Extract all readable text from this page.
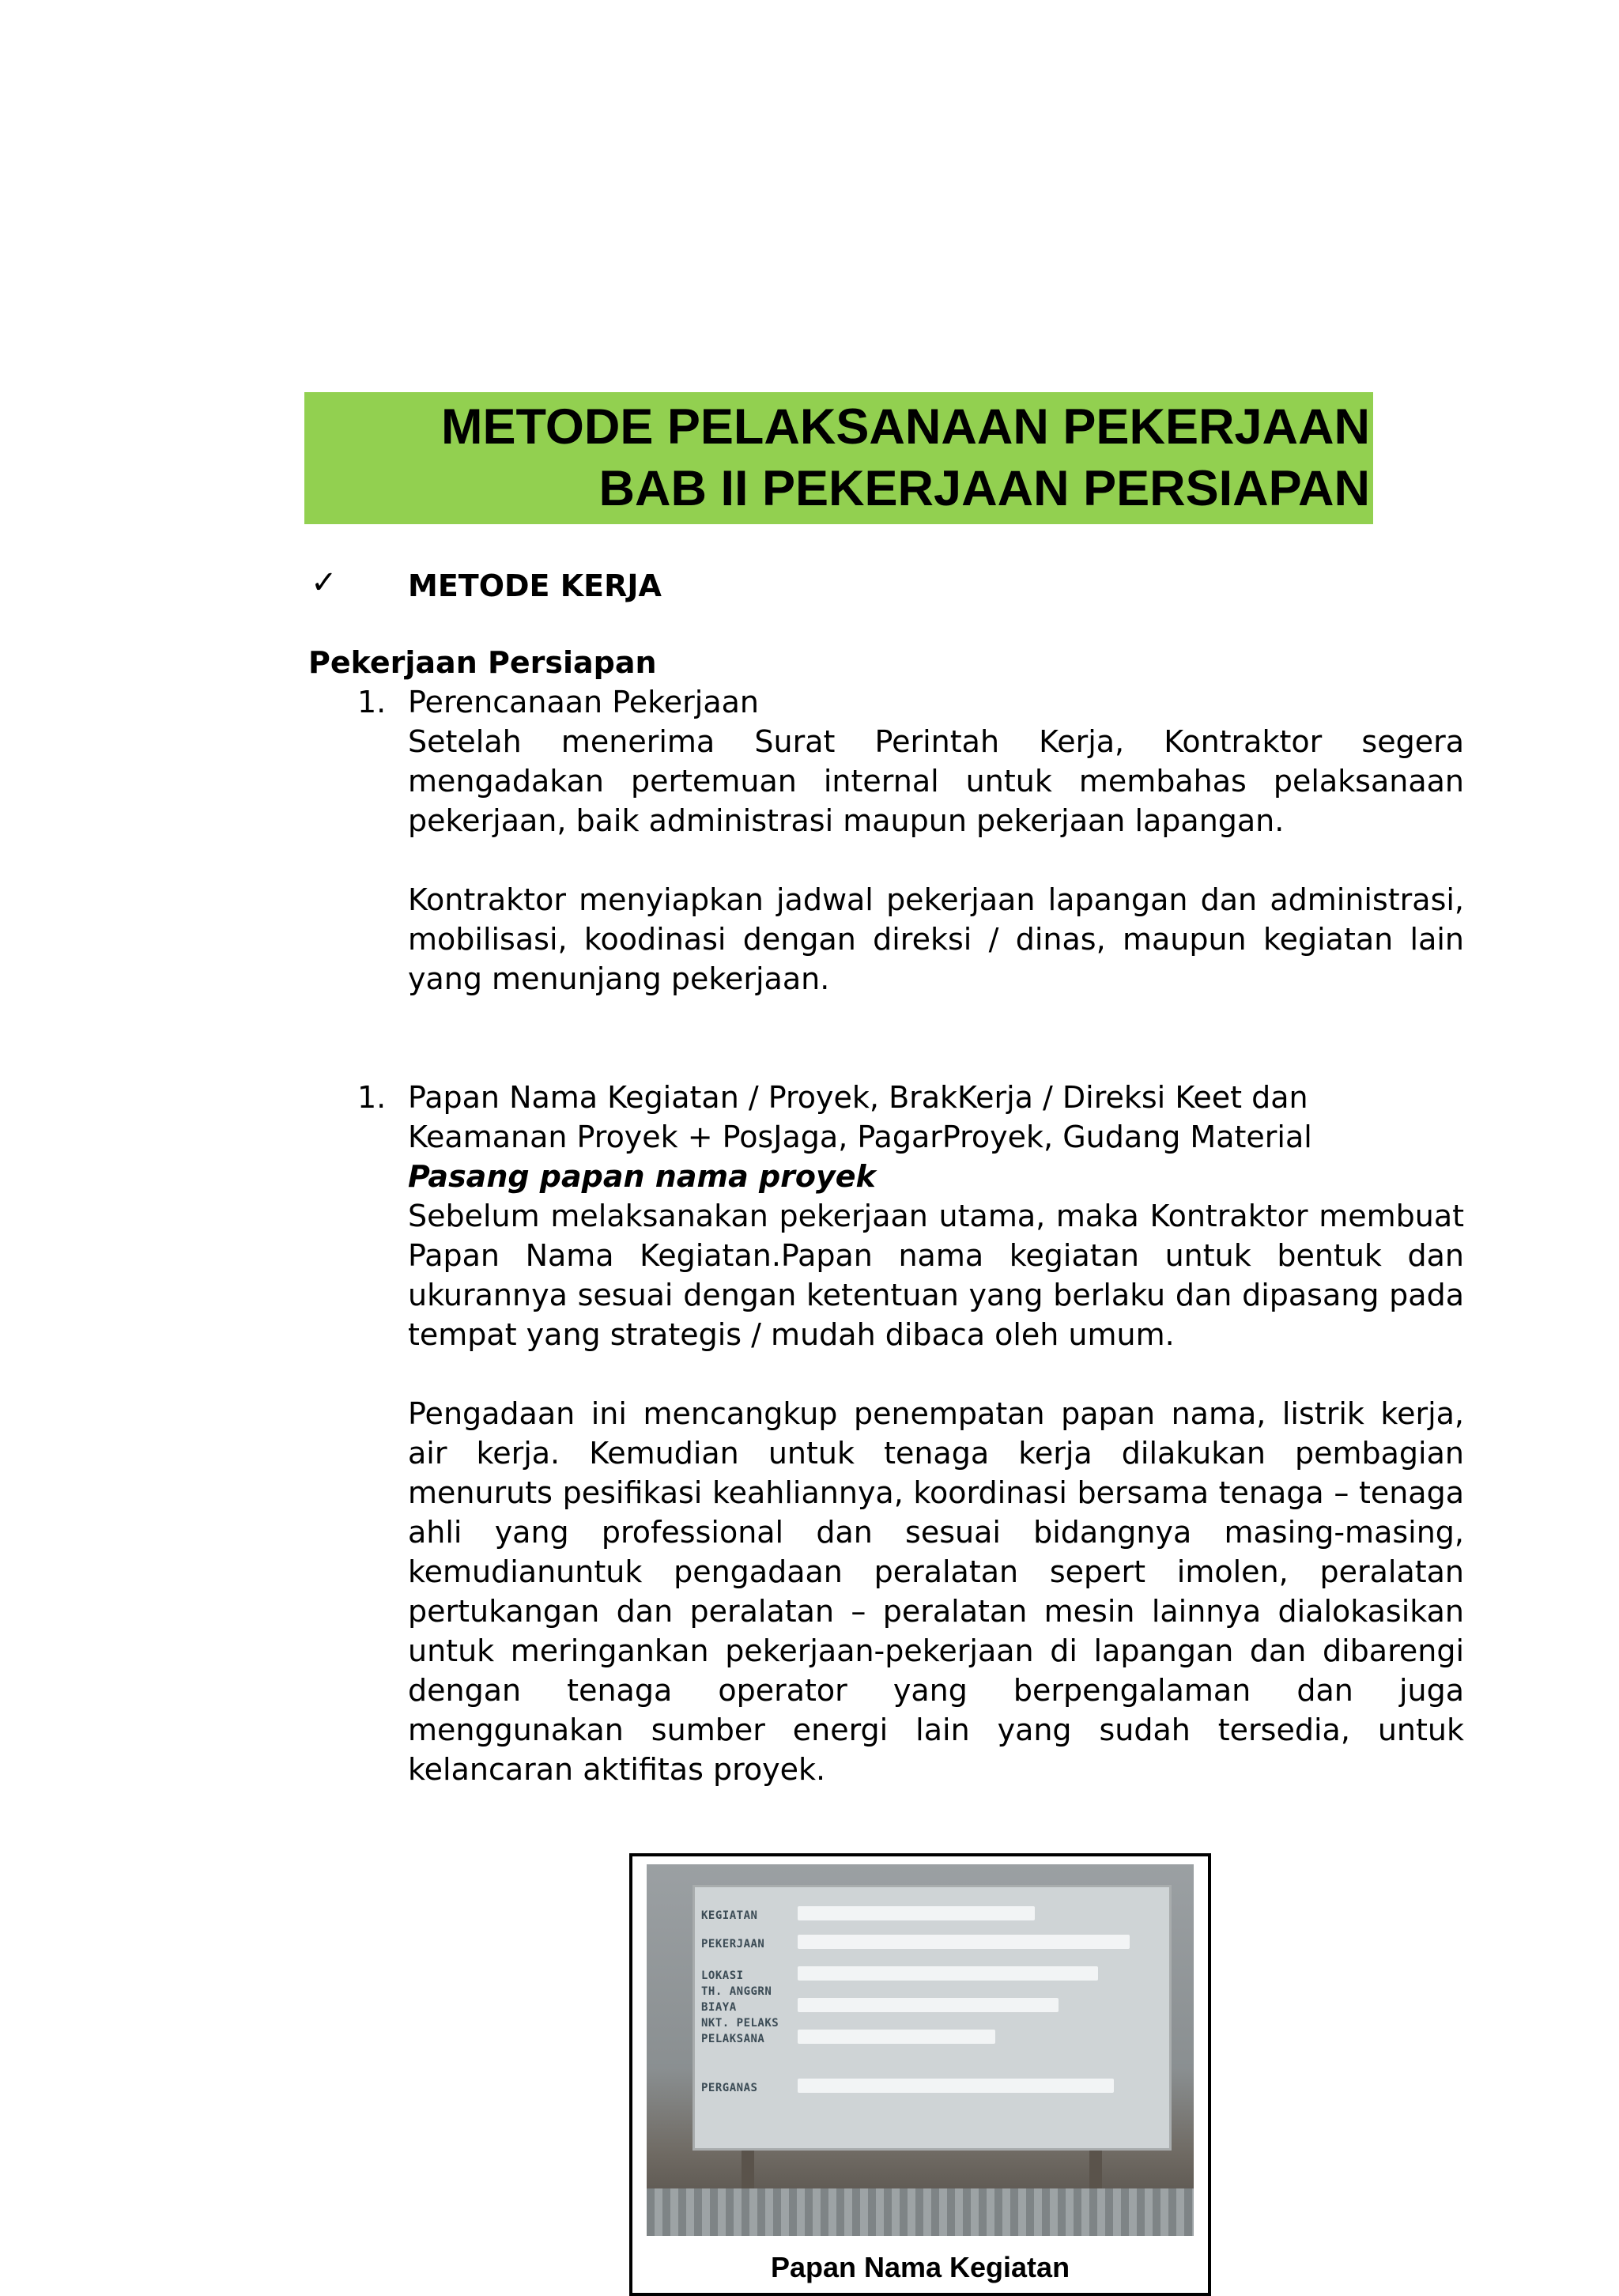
METODE PELAKSANAAN PEKERJAAN
BAB II PEKERJAAN PERSIAPAN
✓ METODE KERJA
Pekerjaan Persiapan
1. Perencanaan Pekerjaan

Setelah menerima Surat Perintah Kerja, Kontraktor segera mengadakan pertemuan internal untuk membahas pelaksanaan pekerjaan, baik administrasi maupun pekerjaan lapangan.

Kontraktor menyiapkan jadwal pekerjaan lapangan dan administrasi, mobilisasi, koodinasi dengan direksi / dinas, maupun kegiatan lain yang menunjang pekerjaan.

1. Papan Nama Kegiatan / Proyek, BrakKerja / Direksi Keet dan Keamanan Proyek + PosJaga, PagarProyek, Gudang Material

Pasang papan nama proyek

Sebelum melaksanakan pekerjaan utama, maka Kontraktor membuat Papan Nama Kegiatan.Papan nama kegiatan untuk bentuk dan ukurannya sesuai dengan ketentuan yang berlaku dan dipasang pada tempat yang strategis / mudah dibaca oleh umum.

Pengadaan ini mencangkup penempatan papan nama, listrik kerja, air kerja. Kemudian untuk tenaga kerja dilakukan pembagian menuruts pesifikasi keahliannya, koordinasi bersama tenaga – tenaga ahli yang professional dan sesuai bidangnya masing-masing, kemudianuntuk pengadaan peralatan sepert imolen, peralatan pertukangan dan peralatan – peralatan mesin lainnya dialokasikan untuk meringankan pekerjaan-pekerjaan di lapangan dan dibarengi dengan tenaga operator yang berpengalaman dan juga menggunakan sumber energi lain yang sudah tersedia, untuk kelancaran aktifitas proyek.

KEGIATAN
PEKERJAAN
LOKASI
TH. ANGGRN
BIAYA
NKT. PELAKS
PELAKSANA
PERGANAS
Papan Nama Kegiatan
